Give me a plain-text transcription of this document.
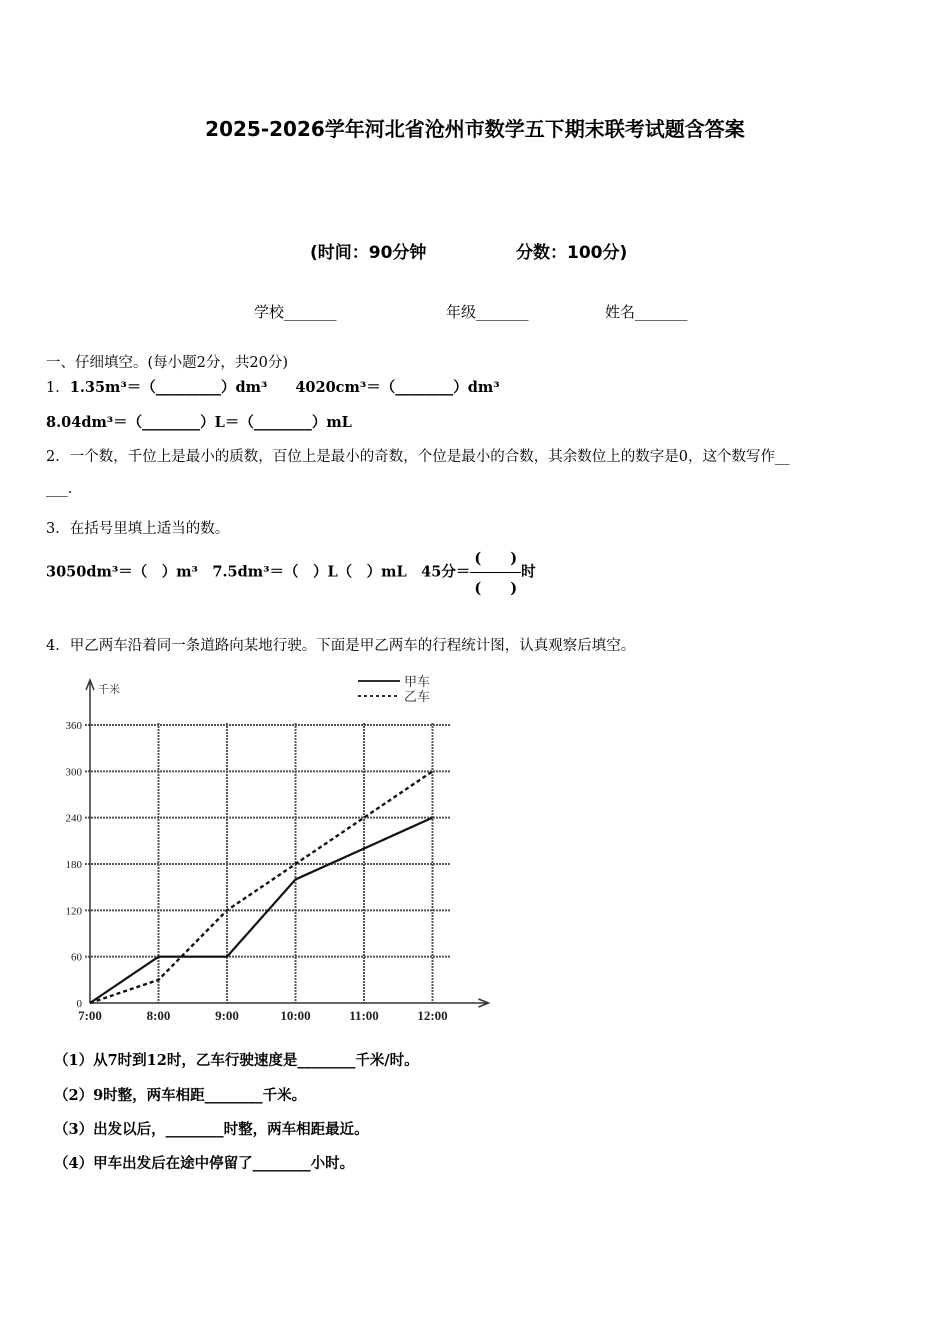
2025-2026学年河北省沧州市数学五下期末联考试题含答案
(时间：90分钟	分数：100分)
学校_______	年级_______	姓名_______
一、仔细填空。(每小题2分，共20分)
1．1.35m³＝（_________）dm³ 4020cm³＝（________）dm³
8.04dm³＝（________）L＝（________）mL
2．一个数，千位上是最小的质数，百位上是最小的奇数，个位是最小的合数，其余数位上的数字是0，这个数写作__
___.
3．在括号里填上适当的数。
3050dm³＝（　）m³　7.5dm³＝（　）L（　）mL　45分＝ $\frac{( )}{( )}$ 时
4．甲乙两车沿着同一条道路向某地行驶。下面是甲乙两车的行程统计图，认真观察后填空。
千米
0
60
120
180
240
300
360
7:00	8:00	9:00	10:00	11:00	12:00
甲车
乙车
（1）从7时到12时，乙车行驶速度是________千米/时。
（2）9时整，两车相距________千米。
（3）出发以后，________时整，两车相距最近。
（4）甲车出发后在途中停留了________小时。
